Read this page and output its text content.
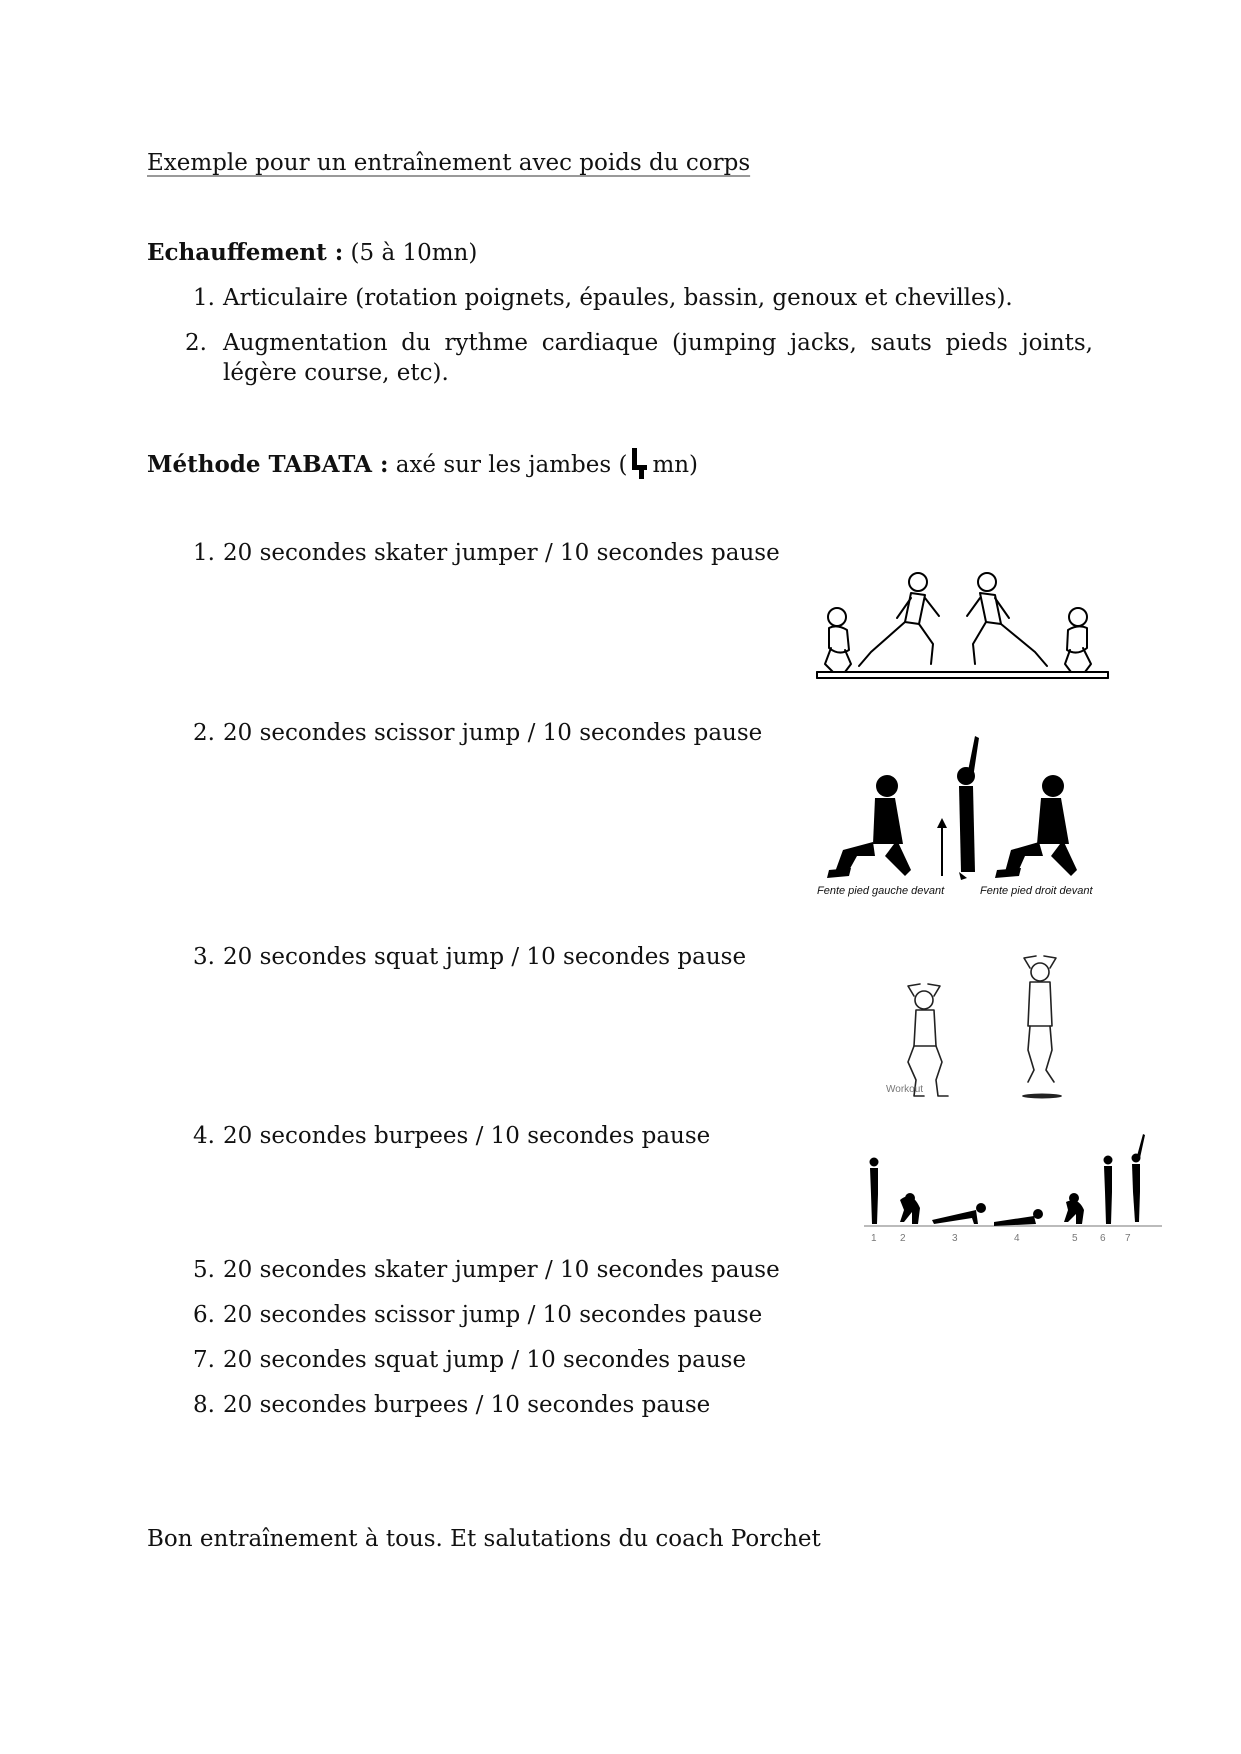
Exemple pour un entraînement avec poids du corps
Echauffement : (5 à 10mn)
1. Articulaire (rotation poignets, épaules, bassin, genoux et chevilles).
2. Augmentation du rythme cardiaque (jumping jacks, sauts pieds joints, légère course, etc).
Méthode TABATA : axé sur les jambes ( mn)
1. 20 secondes skater jumper / 10 secondes pause
2. 20 secondes scissor jump / 10 secondes pause
3. 20 secondes squat jump / 10 secondes pause
4. 20 secondes burpees / 10 secondes pause
5. 20 secondes skater jumper / 10 secondes pause
6. 20 secondes scissor jump / 10 secondes pause
7. 20 secondes squat jump / 10 secondes pause
8. 20 secondes burpees / 10 secondes pause
Fente pied gauche devant	Fente pied droit devant
Workout
1 2	3	4	5 6 7
Bon entraînement à tous. Et salutations du coach Porchet
